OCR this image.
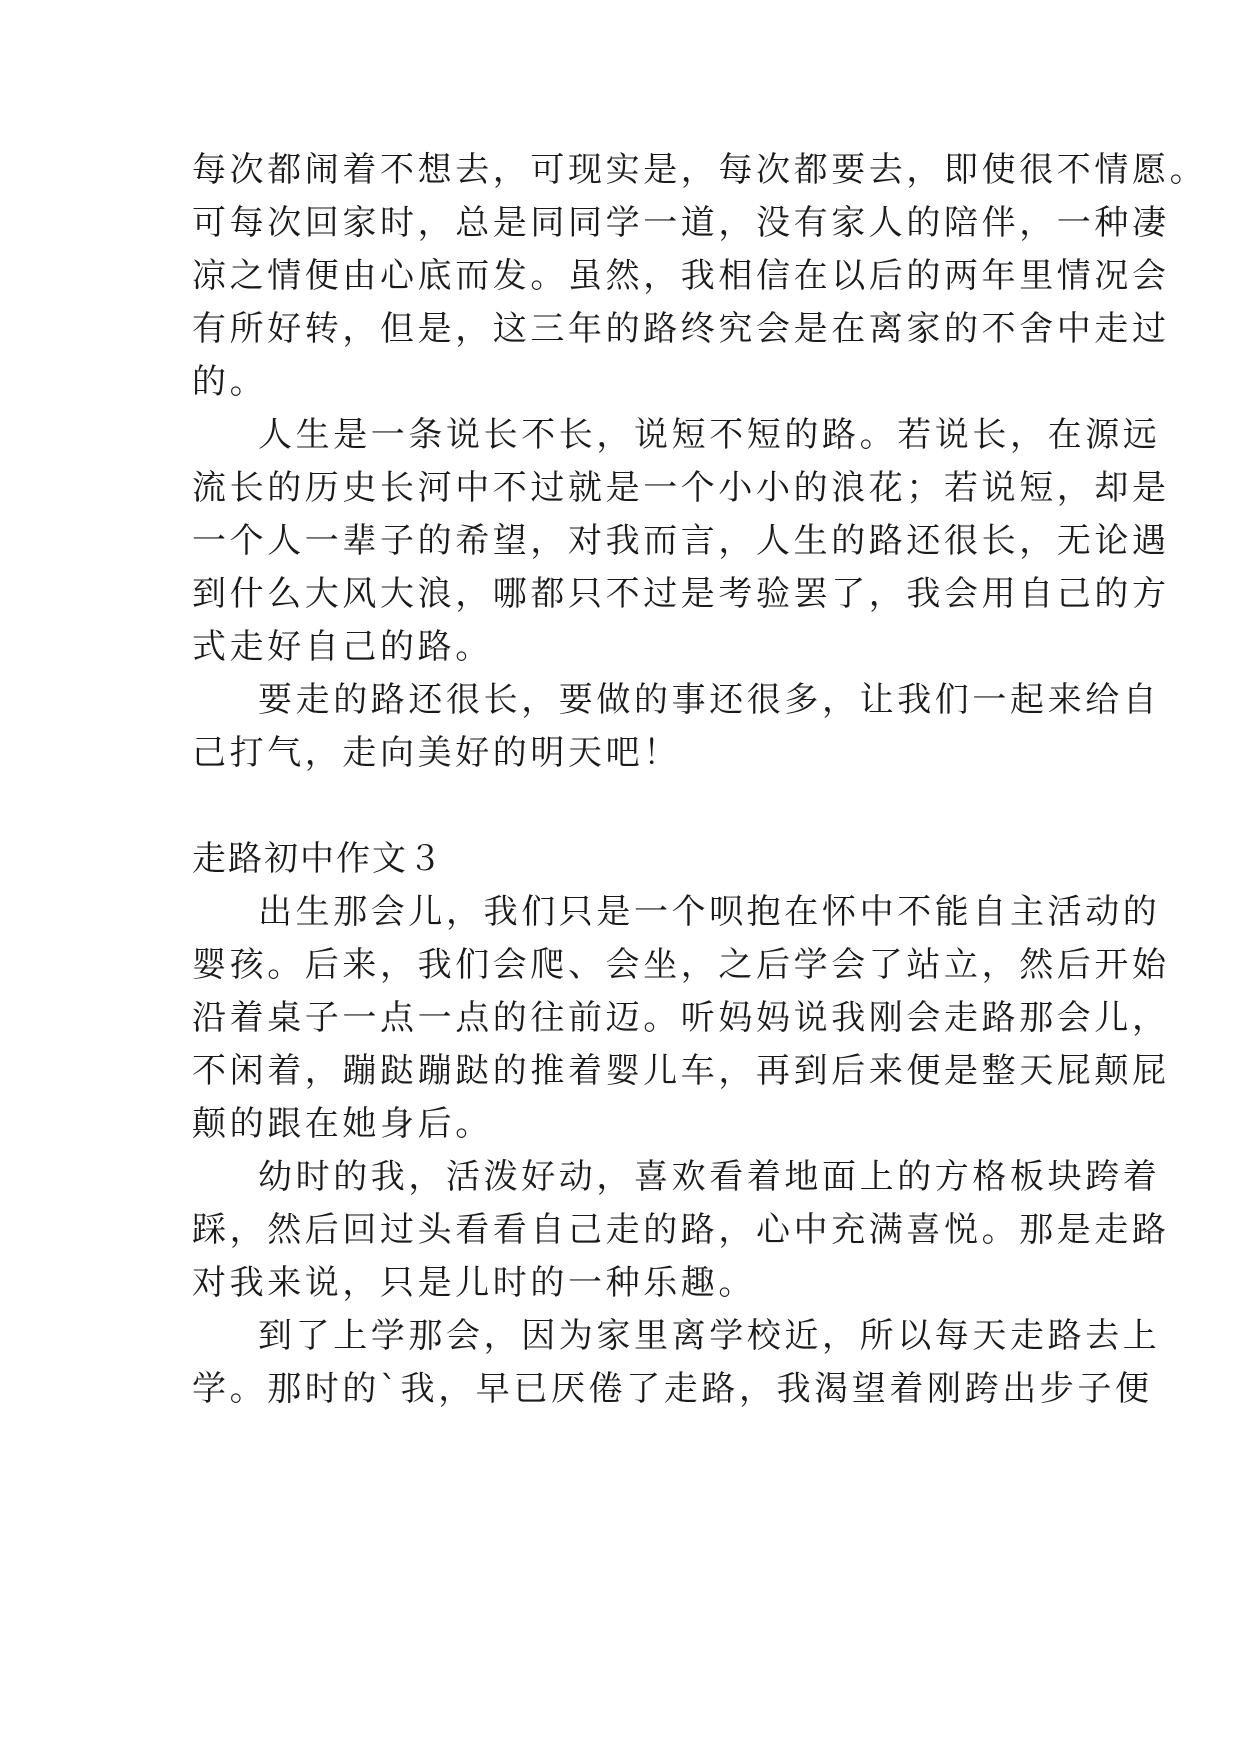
每次都闹着不想去，可现实是，每次都要去，即使很不情愿。
可每次回家时，总是同同学一道，没有家人的陪伴，一种凄
凉之情便由心底而发。虽然，我相信在以后的两年里情况会
有所好转，但是，这三年的路终究会是在离家的不舍中走过
的。
人生是一条说长不长，说短不短的路。若说长，在源远
流长的历史长河中不过就是一个小小的浪花；若说短，却是
一个人一辈子的希望，对我而言，人生的路还很长，无论遇
到什么大风大浪，哪都只不过是考验罢了，我会用自己的方
式走好自己的路。
要走的路还很长，要做的事还很多，让我们一起来给自
己打气，走向美好的明天吧！
走路初中作文３
出生那会儿，我们只是一个呗抱在怀中不能自主活动的
婴孩。后来，我们会爬、会坐，之后学会了站立，然后开始
沿着桌子一点一点的往前迈。听妈妈说我刚会走路那会儿，
不闲着，蹦跶蹦跶的推着婴儿车，再到后来便是整天屁颠屁
颠的跟在她身后。
幼时的我，活泼好动，喜欢看着地面上的方格板块跨着
踩，然后回过头看看自己走的路，心中充满喜悦。那是走路
对我来说，只是儿时的一种乐趣。
到了上学那会，因为家里离学校近，所以每天走路去上
学。那时的`我，早已厌倦了走路，我渴望着刚跨出步子便
